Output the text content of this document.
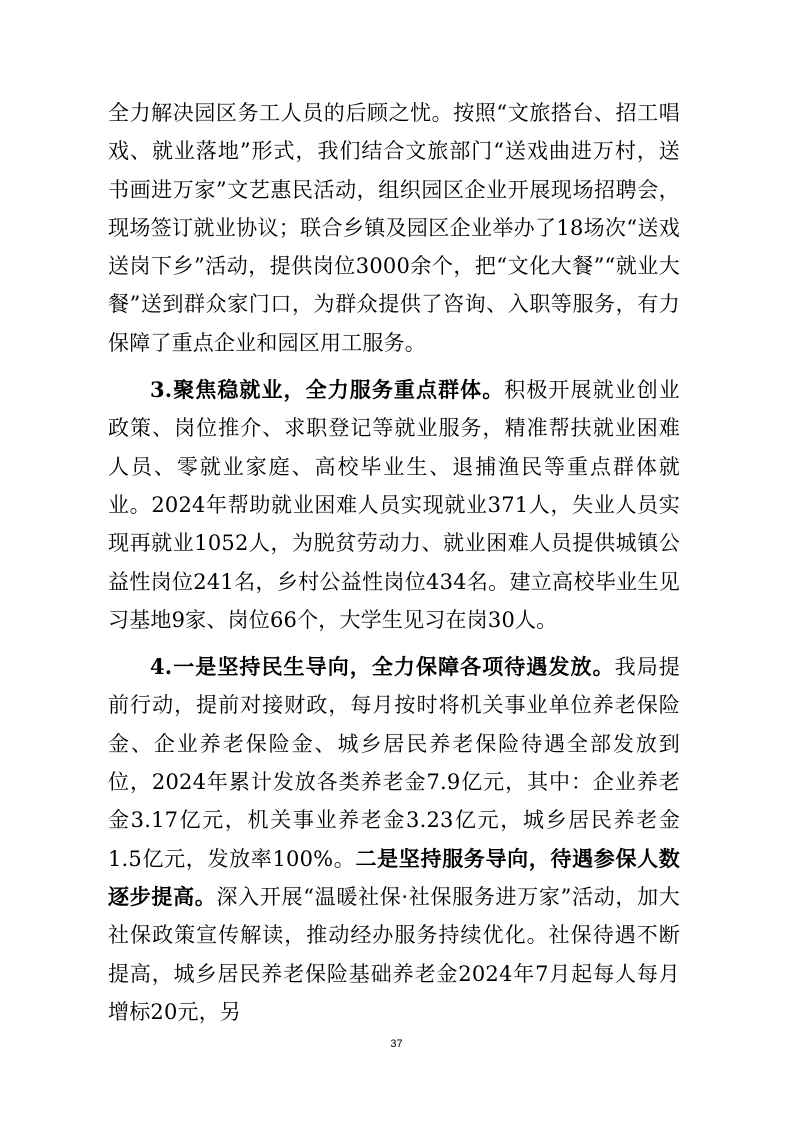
全力解决园区务工人员的后顾之忧。按照“文旅搭台、招工唱戏、就业落地”形式，我们结合文旅部门“送戏曲进万村，送书画进万家”文艺惠民活动，组织园区企业开展现场招聘会，现场签订就业协议；联合乡镇及园区企业举办了18场次“送戏送岗下乡”活动，提供岗位3000余个，把“文化大餐”“就业大餐”送到群众家门口，为群众提供了咨询、入职等服务，有力保障了重点企业和园区用工服务。

3.聚焦稳就业，全力服务重点群体。积极开展就业创业政策、岗位推介、求职登记等就业服务，精准帮扶就业困难人员、零就业家庭、高校毕业生、退捕渔民等重点群体就业。2024年帮助就业困难人员实现就业371人，失业人员实现再就业1052人，为脱贫劳动力、就业困难人员提供城镇公益性岗位241名，乡村公益性岗位434名。建立高校毕业生见习基地9家、岗位66个，大学生见习在岗30人。

4.一是坚持民生导向，全力保障各项待遇发放。我局提前行动，提前对接财政，每月按时将机关事业单位养老保险金、企业养老保险金、城乡居民养老保险待遇全部发放到位，2024年累计发放各类养老金7.9亿元，其中：企业养老金3.17亿元，机关事业养老金3.23亿元，城乡居民养老金1.5亿元，发放率100%。二是坚持服务导向，待遇参保人数逐步提高。深入开展“温暖社保·社保服务进万家”活动，加大社保政策宣传解读，推动经办服务持续优化。社保待遇不断提高，城乡居民养老保险基础养老金2024年7月起每人每月增标20元，另

37
